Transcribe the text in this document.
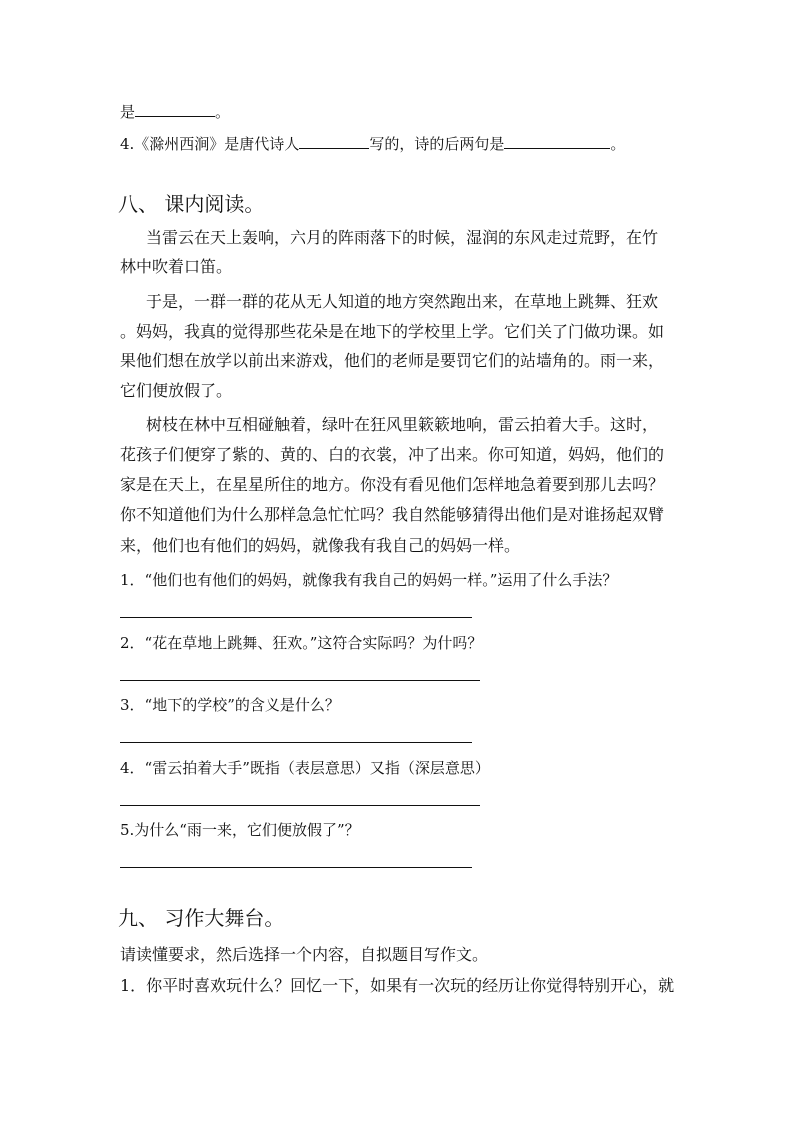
是	。
4.《滁州西涧》是唐代诗人	写的，诗的后两句是	。
八、 课内阅读。
当雷云在天上轰响，六月的阵雨落下的时候，湿润的东风走过荒野，在竹
林中吹着口笛。
于是，一群一群的花从无人知道的地方突然跑出来，在草地上跳舞、狂欢
。妈妈，我真的觉得那些花朵是在地下的学校里上学。它们关了门做功课。如
果他们想在放学以前出来游戏，他们的老师是要罚它们的站墙角的。雨一来，
它们便放假了。
树枝在林中互相碰触着，绿叶在狂风里簌簌地响，雷云拍着大手。这时，
花孩子们便穿了紫的、黄的、白的衣裳，冲了出来。你可知道，妈妈，他们的
家是在天上，在星星所住的地方。你没有看见他们怎样地急着要到那儿去吗？
你不知道他们为什么那样急急忙忙吗？我自然能够猜得出他们是对谁扬起双臂
来，他们也有他们的妈妈，就像我有我自己的妈妈一样。
1．“他们也有他们的妈妈，就像我有我自己的妈妈一样。”运用了什么手法？
2．“花在草地上跳舞、狂欢。”这符合实际吗？为什吗？
3．“地下的学校”的含义是什么？
4．“雷云拍着大手”既指（表层意思）又指（深层意思）
5.为什么“雨一来，它们便放假了”？
九、 习作大舞台。
请读懂要求，然后选择一个内容，自拟题目写作文。
1．你平时喜欢玩什么？回忆一下，如果有一次玩的经历让你觉得特别开心，就
